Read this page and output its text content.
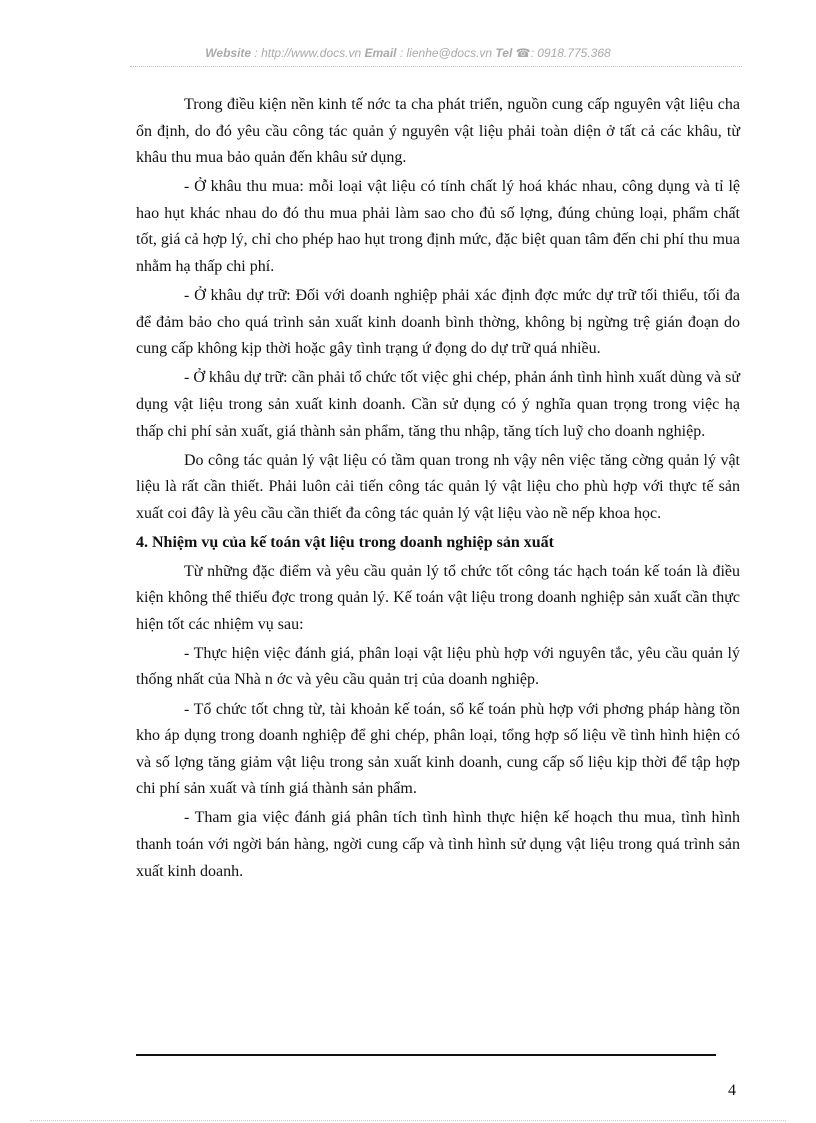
Website : http://www.docs.vn Email : lienhe@docs.vn Tel ☎: 0918.775.368

Trong điều kiện nền kinh tế nớc ta cha phát triển, nguồn cung cấp nguyên vật liệu cha ổn định, do đó yêu cầu công tác quản ý nguyên vật liệu phải toàn diện ở tất cả các khâu, từ khâu thu mua bảo quản đến khâu sử dụng.

- Ở khâu thu mua: mỗi loại vật liệu có tính chất lý hoá khác nhau, công dụng và tỉ lệ hao hụt khác nhau do đó thu mua phải làm sao cho đủ số lợng, đúng chủng loại, phẩm chất tốt, giá cả hợp lý, chỉ cho phép hao hụt trong định mức, đặc biệt quan tâm đến chi phí thu mua nhằm hạ thấp chi phí.

- Ở khâu dự trữ: Đối với doanh nghiệp phải xác định đợc mức dự trữ tối thiểu, tối đa để đảm bảo cho quá trình sản xuất kinh doanh bình thờng, không bị ngừng trệ gián đoạn do cung cấp không kịp thời hoặc gây tình trạng ứ đọng do dự trữ quá nhiều.

- Ở khâu dự trữ: cần phải tổ chức tốt việc ghi chép, phản ánh tình hình xuất dùng và sử dụng vật liệu trong sản xuất kinh doanh. Cần sử dụng có ý nghĩa quan trọng trong việc hạ thấp chi phí sản xuất, giá thành sản phẩm, tăng thu nhập, tăng tích luỹ cho doanh nghiệp.

Do công tác quản lý vật liệu có tầm quan trong nh vậy nên việc tăng cờng quản lý vật liệu là rất cần thiết. Phải luôn cải tiến công tác quản lý vật liệu cho phù hợp với thực tế sản xuất coi đây là yêu cầu cần thiết đa công tác quản lý vật liệu vào nề nếp khoa học.

4. Nhiệm vụ của kế toán vật liệu trong doanh nghiệp sản xuất

Từ những đặc điểm và yêu cầu quản lý tổ chức tốt công tác hạch toán kế toán là điều kiện không thể thiếu đợc trong quản lý. Kế toán vật liệu trong doanh nghiệp sản xuất cần thực hiện tốt các nhiệm vụ sau:

- Thực hiện việc đánh giá, phân loại vật liệu phù hợp với nguyên tắc, yêu cầu quản lý thống nhất của Nhà n ớc và yêu cầu quản trị của doanh nghiệp.

- Tổ chức tốt chng từ, tài khoản kế toán, sổ kế toán phù hợp với phơng pháp hàng tồn kho áp dụng trong doanh nghiệp để ghi chép, phân loại, tổng hợp số liệu về tình hình hiện có và số lợng tăng giảm vật liệu trong sản xuất kinh doanh, cung cấp số liệu kịp thời để tập hợp chi phí sản xuất và tính giá thành sản phẩm.

- Tham gia việc đánh giá phân tích tình hình thực hiện kế hoạch thu mua, tình hình thanh toán với ngời bán hàng, ngời cung cấp và tình hình sử dụng vật liệu trong quá trình sản xuất kinh doanh.

4
